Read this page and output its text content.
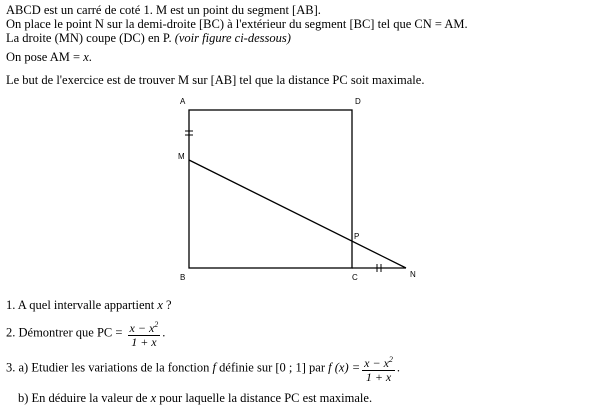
ABCD est un carré de coté 1. M est un point du segment [AB].
On place le point N sur la demi-droite [BC) à l'extérieur du segment [BC] tel que CN = AM.
La droite (MN) coupe (DC) en P. (voir figure ci-dessous)
On pose AM = x.
Le but de l'exercice est de trouver M sur [AB] tel que la distance PC soit maximale.
A	D
M
P
B	C	N
1. A quel intervalle appartient x ?
2. Démontrer que PC = $\frac{x - x^2}{1 + x}$ .
3. a) Etudier les variations de la fonction f définie sur [0 ; 1] par f $(x) = \frac{x - x^2}{1 + x}$ .
b) En déduire la valeur de x pour laquelle la distance PC est maximale.
